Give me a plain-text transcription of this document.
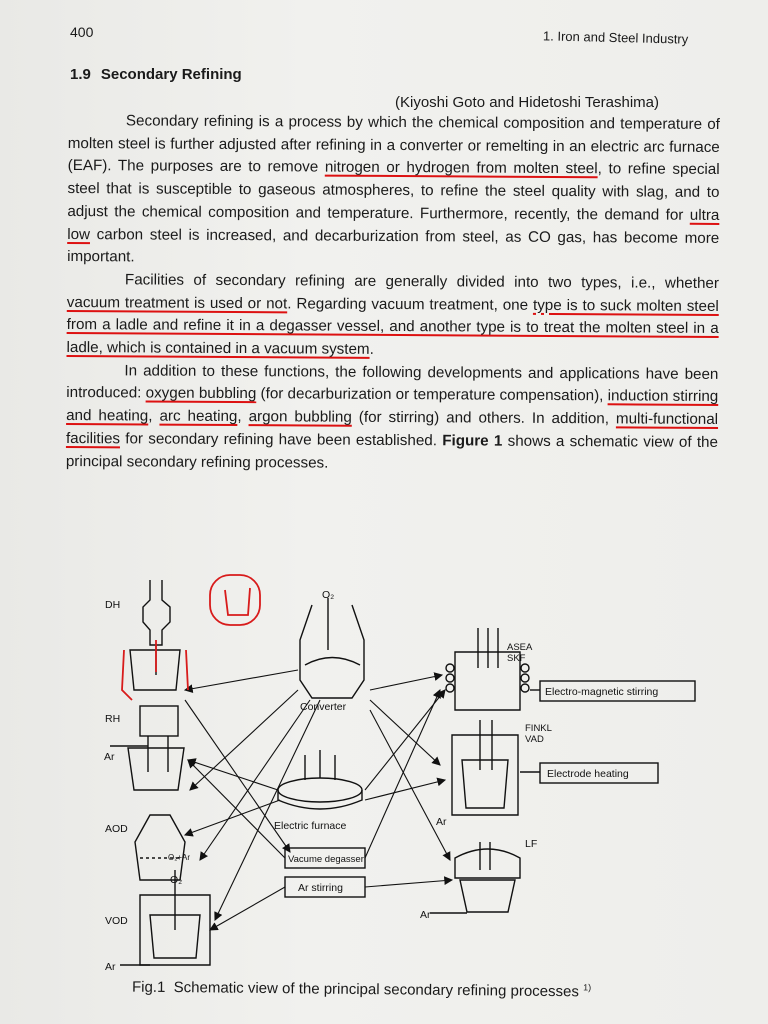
400	1. Iron and Steel Industry
1.9 Secondary Refining
(Kiyoshi Goto and Hidetoshi Terashima)

Secondary refining is a process by which the chemical composition and temperature of molten steel is further adjusted after refining in a converter or remelting in an electric arc furnace (EAF). The purposes are to remove nitrogen or hydrogen from molten steel, to refine special steel that is susceptible to gaseous atmospheres, to refine the steel quality with slag, and to adjust the chemical composition and temperature. Furthermore, recently, the demand for ultra low carbon steel is increased, and decarburization from steel, as CO gas, has become more important.

Facilities of secondary refining are generally divided into two types, i.e., whether vacuum treatment is used or not. Regarding vacuum treatment, one type is to suck molten steel from a ladle and refine it in a degasser vessel, and another type is to treat the molten steel in a ladle, which is contained in a vacuum system.

In addition to these functions, the following developments and applications have been introduced: oxygen bubbling (for decarburization or temperature compensation), induction stirring and heating, arc heating, argon bubbling (for stirring) and others. In addition, multi-functional facilities for secondary refining have been established. Figure 1 shows a schematic view of the principal secondary refining processes.

DH
RH
Ar
AOD
O₂
VOD
Ar
O₂
Converter
Electric furnace
Vacume degasser
Ar stirring
ASEA
SKF
Electro-magnetic stirring
FINKL
VAD
Electrode heating
Ar
LF
Ar
O₂+Ar
Fig.1 Schematic view of the principal secondary refining processes $^{1)}$
